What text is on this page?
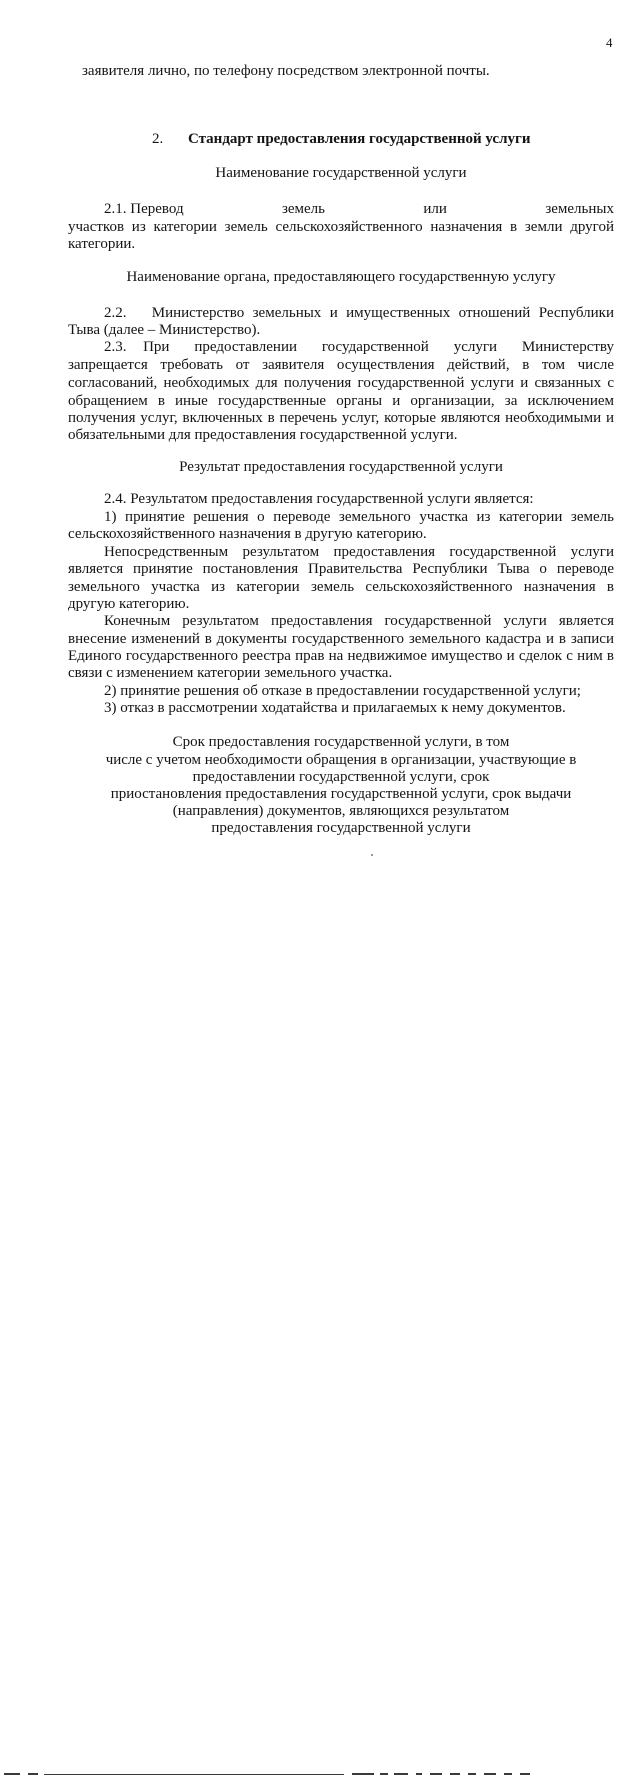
4
заявителя лично, по телефону посредством электронной почты.
2. Стандарт предоставления государственной услуги
Наименование государственной услуги
2.1. Перевод	земель	или	земельных
участков из категории земель сельскохозяйственного назначения в земли другой
категории.
Наименование органа, предоставляющего государственную услугу
2.2.   Министерство земельных и имущественных отношений Республики
Тыва (далее – Министерство).
2.3.  При   предоставлении   государственной   услуги   Министерству
запрещается требовать от заявителя осуществления действий, в том числе
согласований, необходимых для получения государственной услуги и связанных с
обращением в иные государственные органы и организации, за исключением
получения услуг, включенных в перечень услуг, которые являются необходимыми и
обязательными для предоставления государственной услуги.
Результат предоставления государственной услуги
2.4. Результатом предоставления государственной услуги является:
1) принятие решения о переводе земельного участка из категории земель
сельскохозяйственного назначения в другую категорию.
Непосредственным результатом предоставления государственной услуги
является принятие постановления Правительства Республики Тыва о переводе
земельного участка из категории земель сельскохозяйственного назначения в
другую категорию.
Конечным результатом предоставления государственной услуги является
внесение изменений в документы государственного земельного кадастра и в записи
Единого государственного реестра прав на недвижимое имущество и сделок с ним в
связи с изменением категории земельного участка.
2) принятие решения об отказе в предоставлении государственной услуги;
3) отказ в рассмотрении ходатайства и прилагаемых к нему документов.
Срок предоставления государственной услуги, в том
числе с учетом необходимости обращения в организации, участвующие в
предоставлении государственной услуги, срок
приостановления предоставления государственной услуги, срок выдачи
(направления) документов, являющихся результатом
предоставления государственной услуги
